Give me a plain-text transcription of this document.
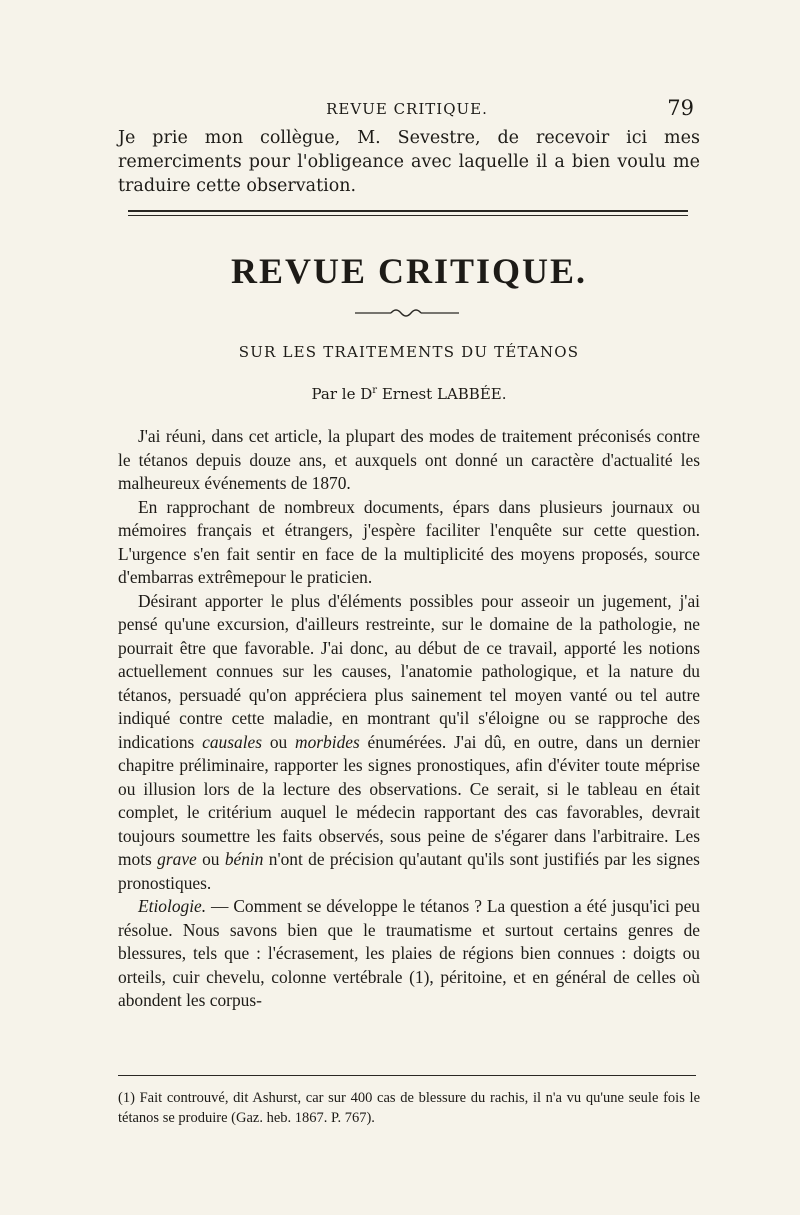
REVUE CRITIQUE.	79
Je prie mon collègue, M. Sevestre, de recevoir ici mes remerciments pour l'obligeance avec laquelle il a bien voulu me traduire cette observation.
REVUE CRITIQUE.
SUR LES TRAITEMENTS DU TÉTANOS
Par le $D^r$ Ernest LABBÉE.

J'ai réuni, dans cet article, la plupart des modes de traitement préconisés contre le tétanos depuis douze ans, et auxquels ont donné un caractère d'actualité les malheureux événements de 1870.

En rapprochant de nombreux documents, épars dans plusieurs journaux ou mémoires français et étrangers, j'espère faciliter l'enquête sur cette question. L'urgence s'en fait sentir en face de la multiplicité des moyens proposés, source d'embarras extrêmepour le praticien.

Désirant apporter le plus d'éléments possibles pour asseoir un jugement, j'ai pensé qu'une excursion, d'ailleurs restreinte, sur le domaine de la pathologie, ne pourrait être que favorable. J'ai donc, au début de ce travail, apporté les notions actuellement connues sur les causes, l'anatomie pathologique, et la nature du tétanos, persuadé qu'on appréciera plus sainement tel moyen vanté ou tel autre indiqué contre cette maladie, en montrant qu'il s'éloigne ou se rapproche des indications causales ou morbides énumérées. J'ai dû, en outre, dans un dernier chapitre préliminaire, rapporter les signes pronostiques, afin d'éviter toute méprise ou illusion lors de la lecture des observations. Ce serait, si le tableau en était complet, le critérium auquel le médecin rapportant des cas favorables, devrait toujours soumettre les faits observés, sous peine de s'égarer dans l'arbitraire. Les mots grave ou bénin n'ont de précision qu'autant qu'ils sont justifiés par les signes pronostiques.

Etiologie. — Comment se développe le tétanos ? La question a été jusqu'ici peu résolue. Nous savons bien que le traumatisme et surtout certains genres de blessures, tels que : l'écrasement, les plaies de régions bien connues : doigts ou orteils, cuir chevelu, colonne vertébrale (1), péritoine, et en général de celles où abondent les corpus-

(1) Fait controuvé, dit Ashurst, car sur 400 cas de blessure du rachis, il n'a vu qu'une seule fois le tétanos se produire (Gaz. heb. 1867. P. 767).
